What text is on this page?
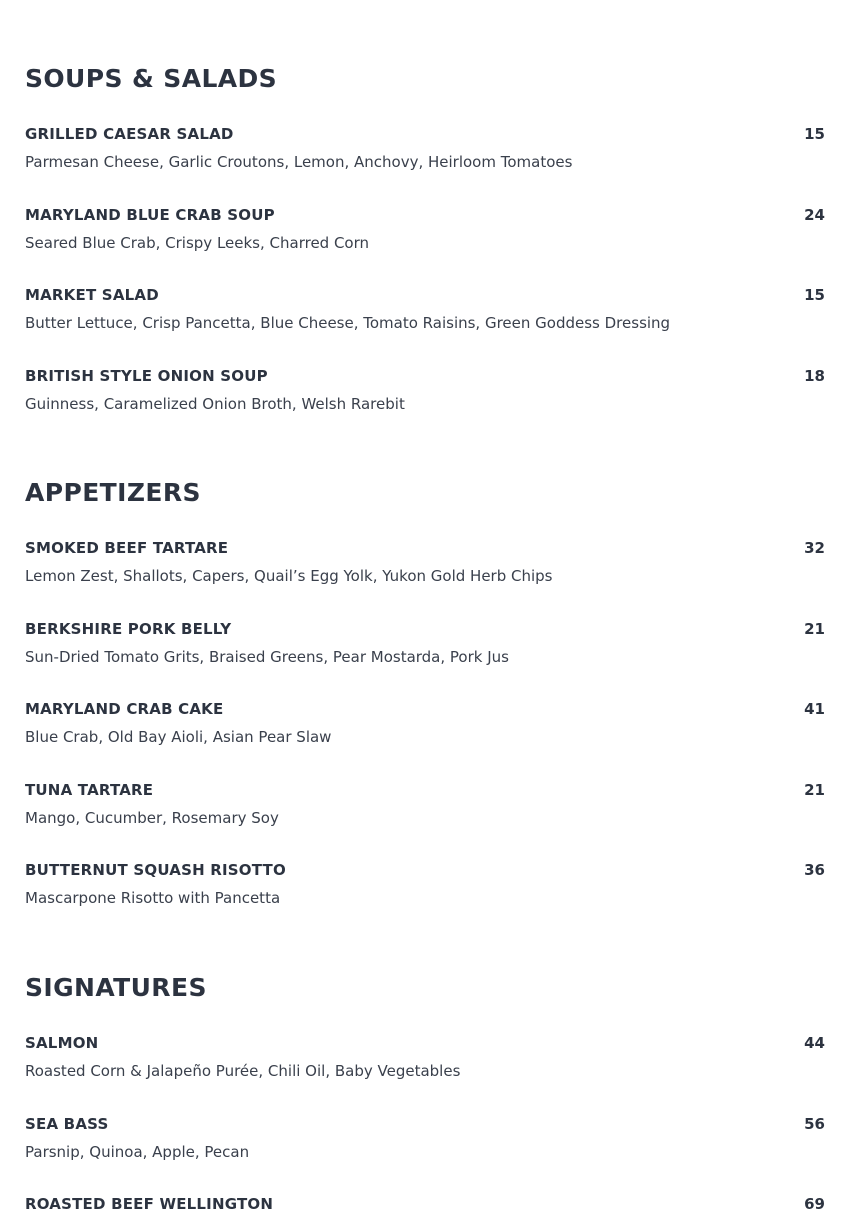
SOUPS & SALADS
GRILLED CAESAR SALAD	15
Parmesan Cheese, Garlic Croutons, Lemon, Anchovy, Heirloom Tomatoes
MARYLAND BLUE CRAB SOUP	24
Seared Blue Crab, Crispy Leeks, Charred Corn
MARKET SALAD	15
Butter Lettuce, Crisp Pancetta, Blue Cheese, Tomato Raisins, Green Goddess Dressing
BRITISH STYLE ONION SOUP	18
Guinness, Caramelized Onion Broth, Welsh Rarebit
APPETIZERS
SMOKED BEEF TARTARE	32
Lemon Zest, Shallots, Capers, Quail’s Egg Yolk, Yukon Gold Herb Chips
BERKSHIRE PORK BELLY	21
Sun-Dried Tomato Grits, Braised Greens, Pear Mostarda, Pork Jus
MARYLAND CRAB CAKE	41
Blue Crab, Old Bay Aioli, Asian Pear Slaw
TUNA TARTARE	21
Mango, Cucumber, Rosemary Soy
BUTTERNUT SQUASH RISOTTO	36
Mascarpone Risotto with Pancetta
SIGNATURES
SALMON	44
Roasted Corn & Jalapeño Purée, Chili Oil, Baby Vegetables
SEA BASS	56
Parsnip, Quinoa, Apple, Pecan
ROASTED BEEF WELLINGTON	69
